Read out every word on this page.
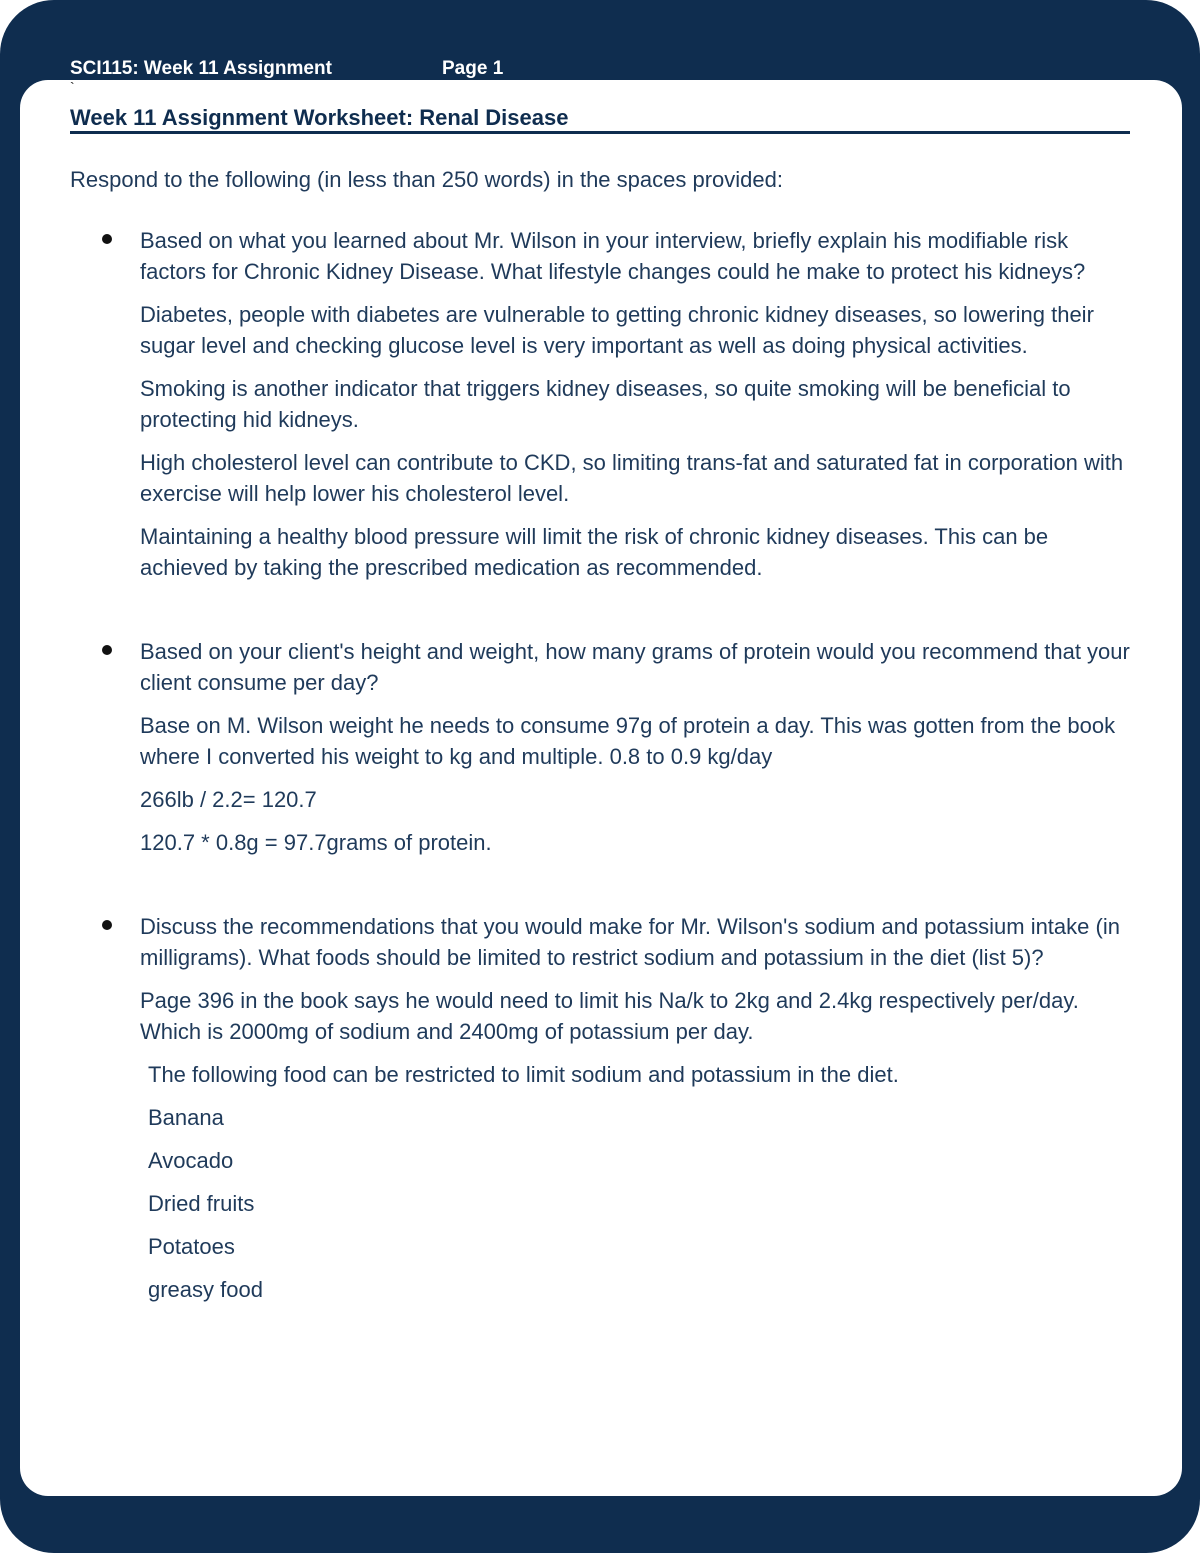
SCI115: Week 11 Assignment	Page 1
`
Week 11 Assignment Worksheet: Renal Disease

Respond to the following (in less than 250 words) in the spaces provided:

Based on what you learned about Mr. Wilson in your interview, briefly explain his modifiable risk factors for Chronic Kidney Disease. What lifestyle changes could he make to protect his kidneys?

Diabetes, people with diabetes are vulnerable to getting chronic kidney diseases, so lowering their sugar level and checking glucose level is very important as well as doing physical activities.

Smoking is another indicator that triggers kidney diseases, so quite smoking will be beneficial to protecting hid kidneys.

High cholesterol level can contribute to CKD, so limiting trans-fat and saturated fat in corporation with exercise will help lower his cholesterol level.

Maintaining a healthy blood pressure will limit the risk of chronic kidney diseases. This can be achieved by taking the prescribed medication as recommended.

Based on your client's height and weight, how many grams of protein would you recommend that your client consume per day?

Base on M. Wilson weight he needs to consume 97g of protein a day. This was gotten from the book where I converted his weight to kg and multiple. 0.8 to 0.9 kg/day

266lb / 2.2= 120.7

120.7 * 0.8g = 97.7grams of protein.

Discuss the recommendations that you would make for Mr. Wilson's sodium and potassium intake (in milligrams). What foods should be limited to restrict sodium and potassium in the diet (list 5)?

Page 396 in the book says he would need to limit his Na/k to 2kg and 2.4kg respectively per/day. Which is 2000mg of sodium and 2400mg of potassium per day.

The following food can be restricted to limit sodium and potassium in the diet.

Banana
Avocado
Dried fruits
Potatoes
greasy food
